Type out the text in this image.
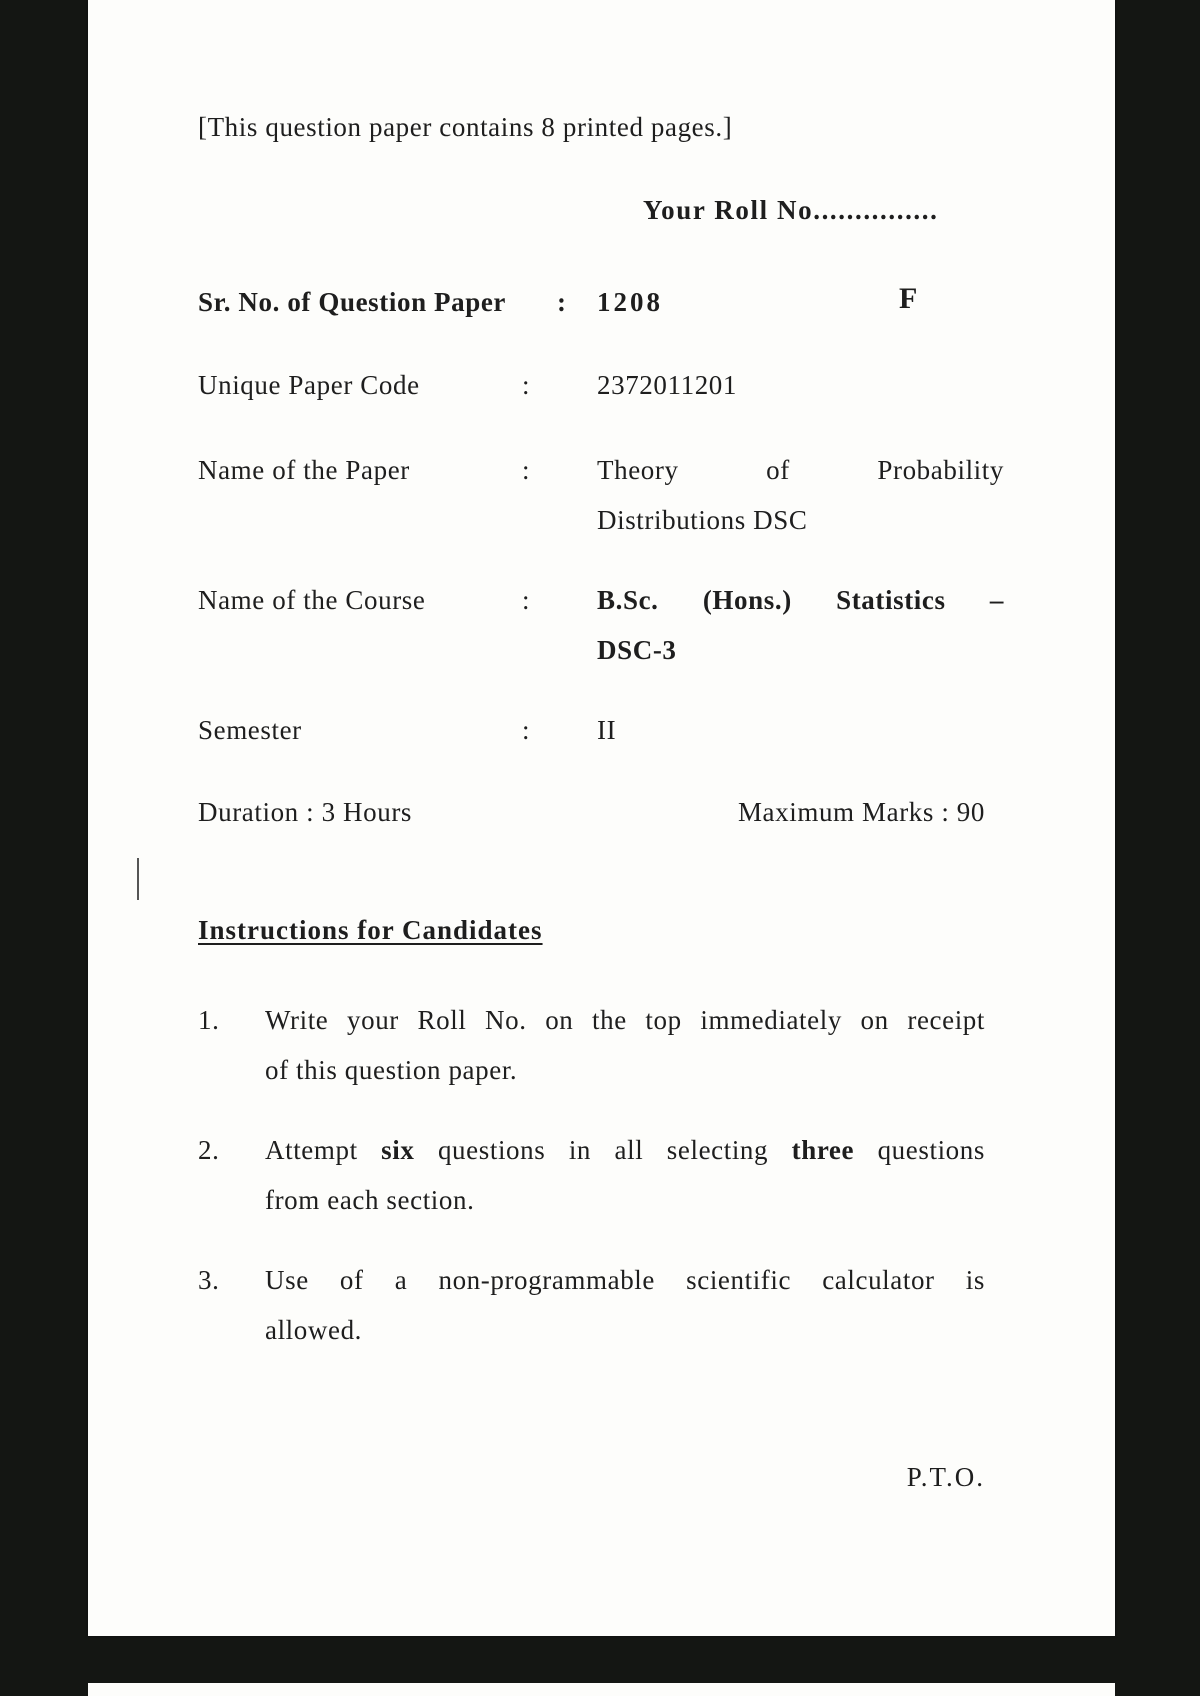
[This question paper contains 8 printed pages.]
Your Roll No...............
Sr. No. of Question Paper : 1208	F
Unique Paper Code	: 2372011201
Name of the Paper	: Theory	of	Probability
Distributions DSC
Name of the Course	: B.Sc. (Hons.) Statistics –
DSC-3
Semester	: II
Duration : 3 Hours	Maximum Marks : 90
Instructions for Candidates
1. Write your Roll No. on the top immediately on receipt
of this question paper.
2. Attempt six questions in all selecting three questions
from each section.
3. Use of a non-programmable scientific calculator is
allowed.
P.T.O.
